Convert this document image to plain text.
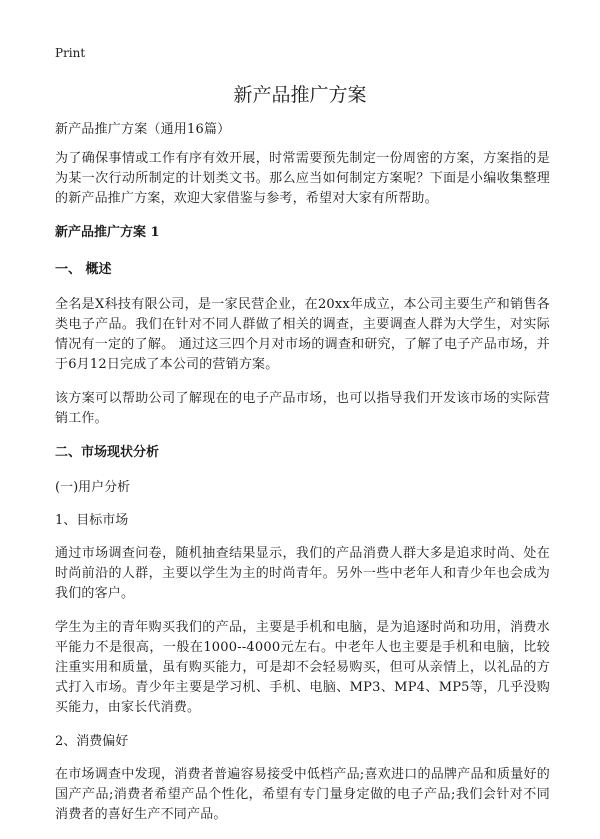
Print
新产品推广方案

新产品推广方案（通用16篇）

为了确保事情或工作有序有效开展，时常需要预先制定一份周密的方案，方案指的是为某一次行动所制定的计划类文书。那么应当如何制定方案呢？下面是小编收集整理的新产品推广方案，欢迎大家借鉴与参考，希望对大家有所帮助。

新产品推广方案 1

一、 概述

全名是X科技有限公司，是一家民营企业，在20xx年成立，本公司主要生产和销售各类电子产品。我们在针对不同人群做了相关的调查，主要调查人群为大学生，对实际情况有一定的了解。 通过这三四个月对市场的调查和研究，了解了电子产品市场，并于6月12日完成了本公司的营销方案。

该方案可以帮助公司了解现在的电子产品市场，也可以指导我们开发该市场的实际营销工作。

二、市场现状分析

(一)用户分析

1、目标市场

通过市场调查问卷，随机抽查结果显示，我们的产品消费人群大多是追求时尚、处在时尚前沿的人群，主要以学生为主的时尚青年。另外一些中老年人和青少年也会成为我们的客户。

学生为主的青年购买我们的产品，主要是手机和电脑，是为追逐时尚和功用，消费水平能力不是很高，一般在1000--4000元左右。中老年人也主要是手机和电脑，比较注重实用和质量，虽有购买能力，可是却不会轻易购买，但可从亲情上，以礼品的方式打入市场。青少年主要是学习机、手机、电脑、MP3、MP4、MP5等，几乎没购买能力，由家长代消费。

2、消费偏好

在市场调查中发现，消费者普遍容易接受中低档产品;喜欢进口的品牌产品和质量好的国产产品;消费者希望产品个性化，希望有专门量身定做的电子产品;我们会针对不同消费者的喜好生产不同产品。
